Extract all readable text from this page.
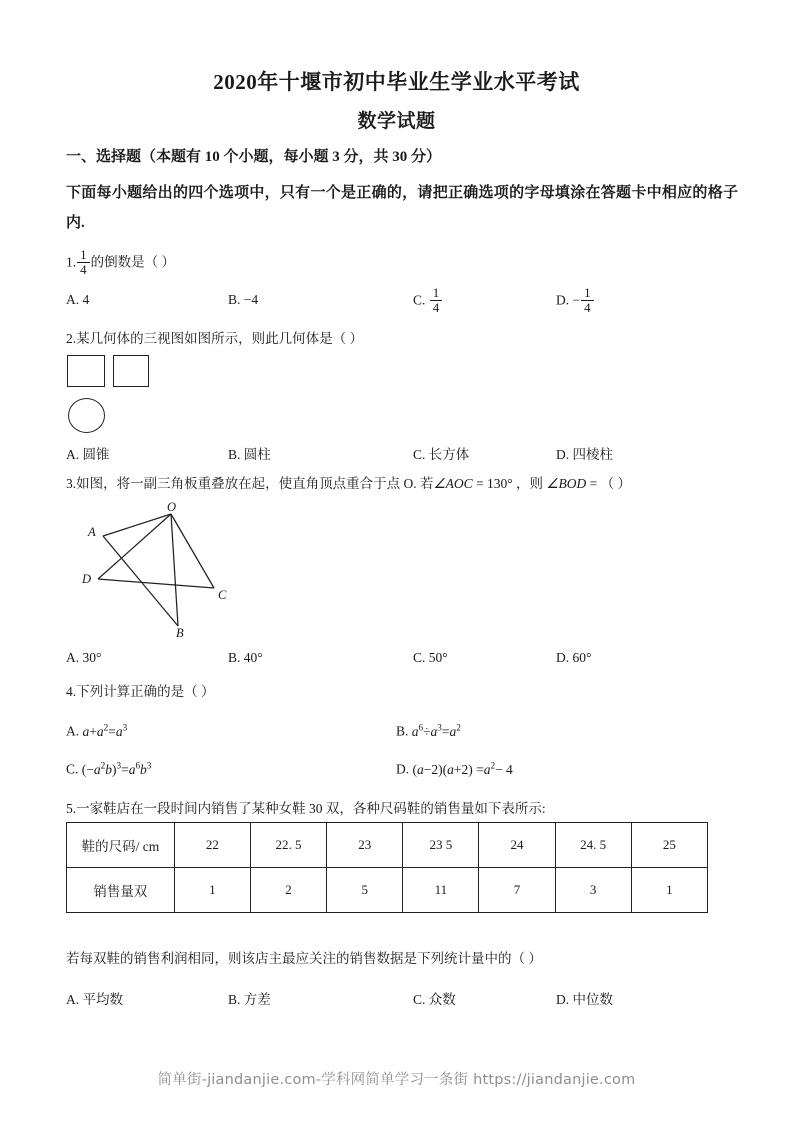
2020年十堰市初中毕业生学业水平考试
数学试题
一、选择题（本题有 10 个小题，每小题 3 分，共 30 分）
下面每小题给出的四个选项中，只有一个是正确的，请把正确选项的字母填涂在答题卡中相应的格子内.
1. $\frac{1}{4}$ 的倒数是（ ）
A. 4	B. −4	C. $\frac{1}{4}$	D. − $\frac{1}{4}$
2.某几何体的三视图如图所示，则此几何体是（ ）
A. 圆锥	B. 圆柱	C. 长方体	D. 四棱柱
3.如图，将一副三角板重叠放在起，使直角顶点重合于点 O. 若∠AOC = 130° ，则 ∠BOD = （ ）
A
O
D
C
B
A. 30°	B. 40°	C. 50°	D. 60°
4.下列计算正确的是（ ）
A. $a+a^2=a^3$	B. $a^6\div a^3=a^2$
C. $(-a^2b)^3=a^6b^3$	D. $(a-2)(a+2) =a^2- 4$
5.一家鞋店在一段时间内销售了某种女鞋 30 双，各种尺码鞋的销售量如下表所示:
鞋的尺码/ cm	22	22. 5	23	23 5	24	24. 5	25
销售量双	1	2	5	11	7	3	1
若每双鞋的销售利润相同，则该店主最应关注的销售数据是下列统计量中的（ ）
A. 平均数	B. 方差	C. 众数	D. 中位数
简单街-jiandanjie.com-学科网简单学习一条街 https://jiandanjie.com
